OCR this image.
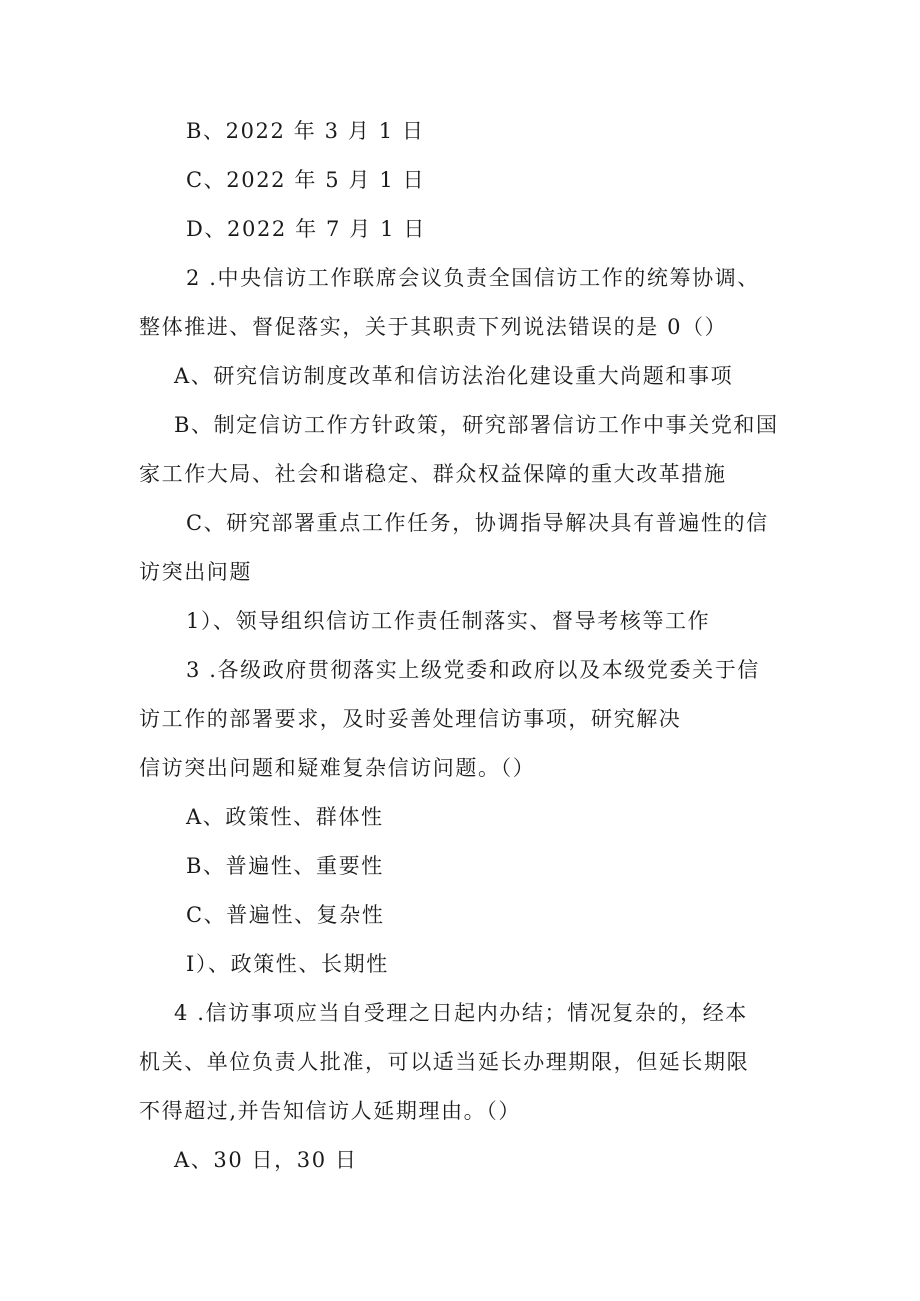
B、2022 年 3 月 1 日
C、2022 年 5 月 1 日
D、2022 年 7 月 1 日
2 .中央信访工作联席会议负责全国信访工作的统筹协调、
整体推进、督促落实，关于其职责下列说法错误的是 0（）
A、研究信访制度改革和信访法治化建设重大尚题和事项
B、制定信访工作方针政策，研究部署信访工作中事关党和国
家工作大局、社会和谐稳定、群众权益保障的重大改革措施
C、研究部署重点工作任务，协调指导解决具有普遍性的信
访突出问题
1）、领导组织信访工作责任制落实、督导考核等工作
3 .各级政府贯彻落实上级党委和政府以及本级党委关于信
访工作的部署要求，及时妥善处理信访事项，研究解决
信访突出问题和疑难复杂信访问题。（）
A、政策性、群体性
B、普遍性、重要性
C、普遍性、复杂性
I）、政策性、长期性
4 .信访事项应当自受理之日起内办结；情况复杂的，经本
机关、单位负责人批准，可以适当延长办理期限，但延长期限
不得超过,并告知信访人延期理由。（）
A、30 日，30 日
